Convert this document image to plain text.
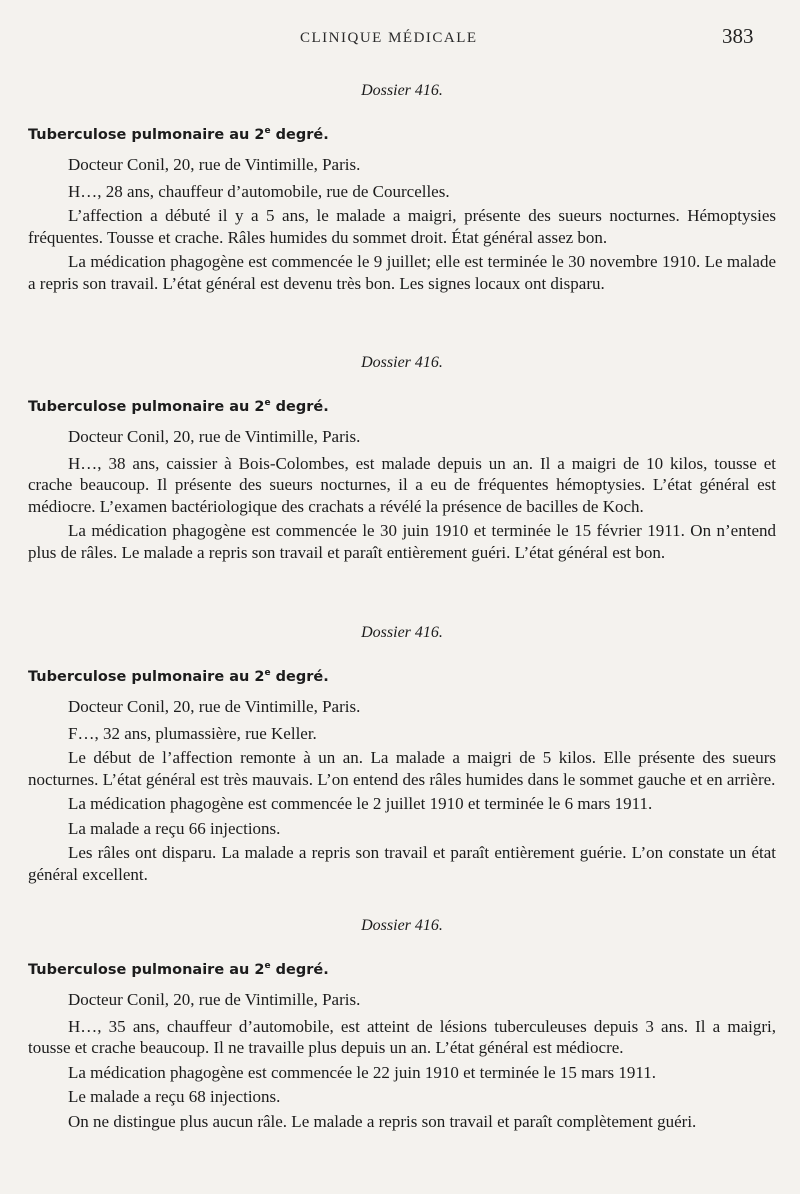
CLINIQUE MÉDICALE	383
Dossier 416.
Tuberculose pulmonaire au 2e degré.

Docteur Conil, 20, rue de Vintimille, Paris.

H…, 28 ans, chauffeur d’automobile, rue de Courcelles.

L’affection a débuté il y a 5 ans, le malade a maigri, présente des sueurs nocturnes. Hémoptysies fréquentes. Tousse et crache. Râles humides du sommet droit. État général assez bon.

La médication phagogène est commencée le 9 juillet; elle est terminée le 30 novembre 1910. Le malade a repris son travail. L’état général est devenu très bon. Les signes locaux ont disparu.

Dossier 416.
Tuberculose pulmonaire au 2e degré.

Docteur Conil, 20, rue de Vintimille, Paris.

H…, 38 ans, caissier à Bois-Colombes, est malade depuis un an. Il a maigri de 10 kilos, tousse et crache beaucoup. Il présente des sueurs nocturnes, il a eu de fréquentes hémoptysies. L’état général est médiocre. L’examen bactériologique des crachats a révélé la présence de bacilles de Koch.

La médication phagogène est commencée le 30 juin 1910 et terminée le 15 février 1911. On n’entend plus de râles. Le malade a repris son travail et paraît entièrement guéri. L’état général est bon.

Dossier 416.
Tuberculose pulmonaire au 2e degré.

Docteur Conil, 20, rue de Vintimille, Paris.

F…, 32 ans, plumassière, rue Keller.

Le début de l’affection remonte à un an. La malade a maigri de 5 kilos. Elle présente des sueurs nocturnes. L’état général est très mauvais. L’on entend des râles humides dans le sommet gauche et en arrière.

La médication phagogène est commencée le 2 juillet 1910 et terminée le 6 mars 1911.

La malade a reçu 66 injections.

Les râles ont disparu. La malade a repris son travail et paraît entièrement guérie. L’on constate un état général excellent.

Dossier 416.
Tuberculose pulmonaire au 2e degré.

Docteur Conil, 20, rue de Vintimille, Paris.

H…, 35 ans, chauffeur d’automobile, est atteint de lésions tuberculeuses depuis 3 ans. Il a maigri, tousse et crache beaucoup. Il ne travaille plus depuis un an. L’état général est médiocre.

La médication phagogène est commencée le 22 juin 1910 et terminée le 15 mars 1911.

Le malade a reçu 68 injections.

On ne distingue plus aucun râle. Le malade a repris son travail et paraît complètement guéri.
